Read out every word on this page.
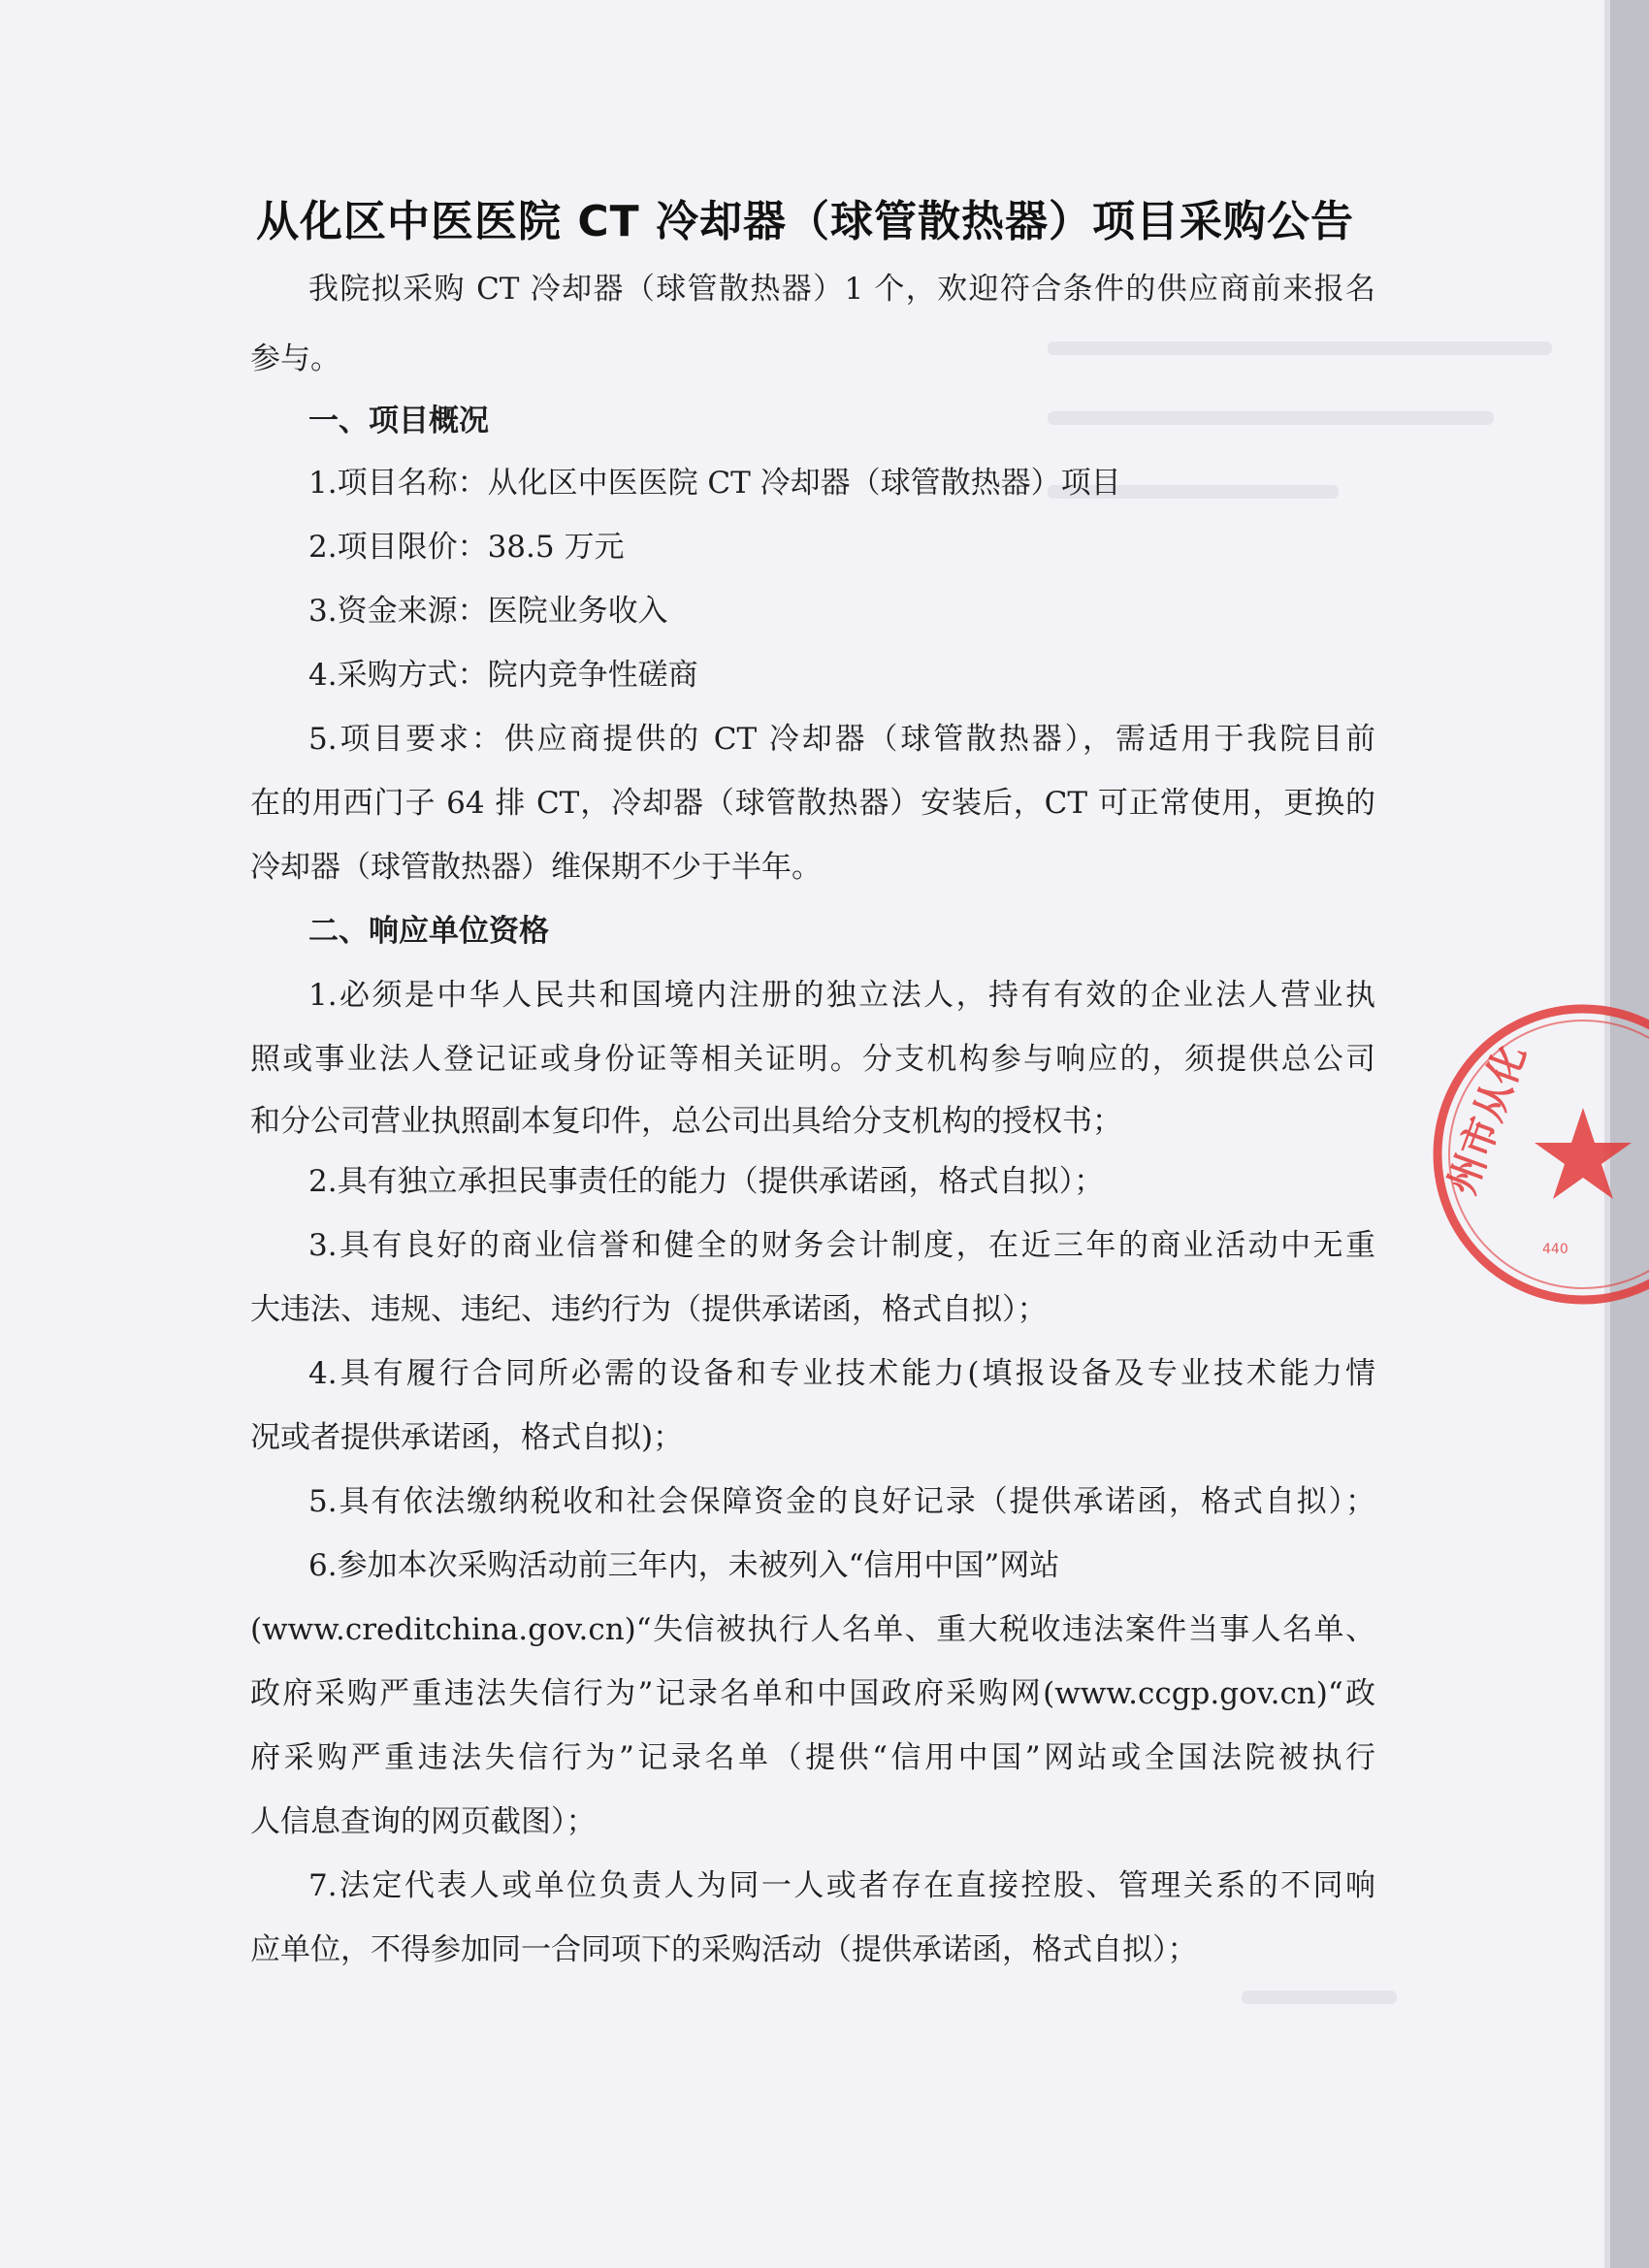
从化区中医医院 CT 冷却器（球管散热器）项目采购公告
我院拟采购 CT 冷却器（球管散热器）1 个，欢迎符合条件的供应商前来报名
参与。
一、项目概况
1.项目名称：从化区中医医院 CT 冷却器（球管散热器）项目
2.项目限价：38.5 万元
3.资金来源：医院业务收入
4.采购方式：院内竞争性磋商
5.项目要求：供应商提供的 CT 冷却器（球管散热器），需适用于我院目前
在的用西门子 64 排 CT，冷却器（球管散热器）安装后，CT 可正常使用，更换的
冷却器（球管散热器）维保期不少于半年。
二、响应单位资格
1.必须是中华人民共和国境内注册的独立法人，持有有效的企业法人营业执
照或事业法人登记证或身份证等相关证明。分支机构参与响应的，须提供总公司
和分公司营业执照副本复印件，总公司出具给分支机构的授权书；
2.具有独立承担民事责任的能力（提供承诺函，格式自拟）；
3.具有良好的商业信誉和健全的财务会计制度，在近三年的商业活动中无重
大违法、违规、违纪、违约行为（提供承诺函，格式自拟）；
4.具有履行合同所必需的设备和专业技术能力(填报设备及专业技术能力情
况或者提供承诺函，格式自拟)；
5.具有依法缴纳税收和社会保障资金的良好记录（提供承诺函，格式自拟）；
6.参加本次采购活动前三年内，未被列入“信用中国”网站
(www.creditchina.gov.cn)“失信被执行人名单、重大税收违法案件当事人名单、
政府采购严重违法失信行为”记录名单和中国政府采购网(www.ccgp.gov.cn)“政
府采购严重违法失信行为”记录名单（提供“信用中国”网站或全国法院被执行
人信息查询的网页截图）；
7.法定代表人或单位负责人为同一人或者存在直接控股、管理关系的不同响
应单位，不得参加同一合同项下的采购活动（提供承诺函，格式自拟）；
州市从化
440
